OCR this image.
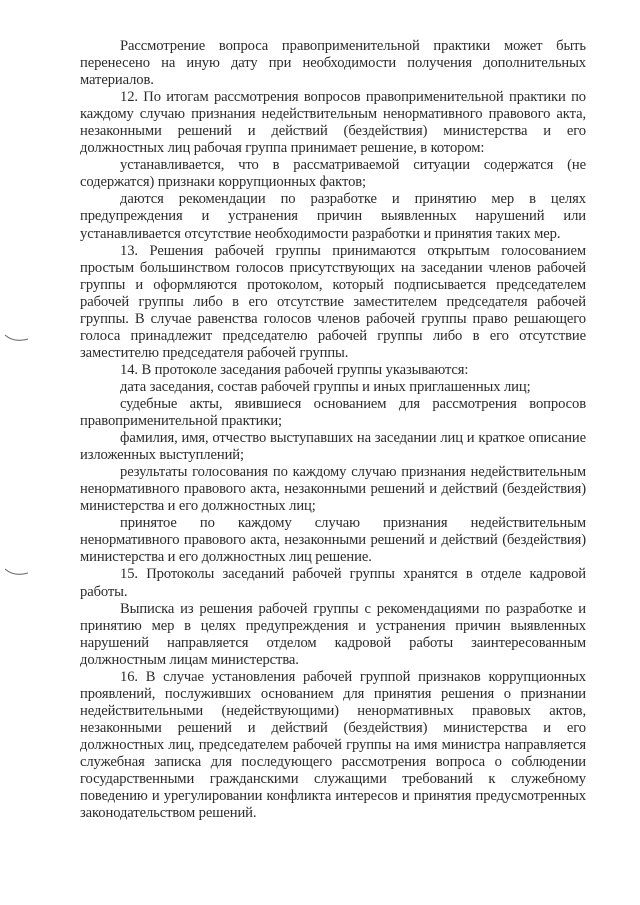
Рассмотрение вопроса правоприменительной практики может быть перенесено на иную дату при необходимости получения дополнительных материалов.

12. По итогам рассмотрения вопросов правоприменительной практики по каждому случаю признания недействительным ненормативного правового акта, незаконными решений и действий (бездействия) министерства и его должностных лиц рабочая группа принимает решение, в котором:

устанавливается, что в рассматриваемой ситуации содержатся (не содержатся) признаки коррупционных фактов;

даются рекомендации по разработке и принятию мер в целях предупреждения и устранения причин выявленных нарушений или устанавливается отсутствие необходимости разработки и принятия таких мер.

13. Решения рабочей группы принимаются открытым голосованием простым большинством голосов присутствующих на заседании членов рабочей группы и оформляются протоколом, который подписывается председателем рабочей группы либо в его отсутствие заместителем председателя рабочей группы. В случае равенства голосов членов рабочей группы право решающего голоса принадлежит председателю рабочей группы либо в его отсутствие заместителю председателя рабочей группы.

14. В протоколе заседания рабочей группы указываются:

дата заседания, состав рабочей группы и иных приглашенных лиц;

судебные акты, явившиеся основанием для рассмотрения вопросов правоприменительной практики;

фамилия, имя, отчество выступавших на заседании лиц и краткое описание изложенных выступлений;

результаты голосования по каждому случаю признания недействительным ненормативного правового акта, незаконными решений и действий (бездействия) министерства и его должностных лиц;

принятое по каждому случаю признания недействительным ненормативного правового акта, незаконными решений и действий (бездействия) министерства и его должностных лиц решение.

15. Протоколы заседаний рабочей группы хранятся в отделе кадровой работы.

Выписка из решения рабочей группы с рекомендациями по разработке и принятию мер в целях предупреждения и устранения причин выявленных нарушений направляется отделом кадровой работы заинтересованным должностным лицам министерства.

16. В случае установления рабочей группой признаков коррупционных проявлений, послуживших основанием для принятия решения о признании недействительными (недействующими) ненормативных правовых актов, незаконными решений и действий (бездействия) министерства и его должностных лиц, председателем рабочей группы на имя министра направляется служебная записка для последующего рассмотрения вопроса о соблюдении государственными гражданскими служащими требований к служебному поведению и урегулировании конфликта интересов и принятия предусмотренных законодательством решений.
